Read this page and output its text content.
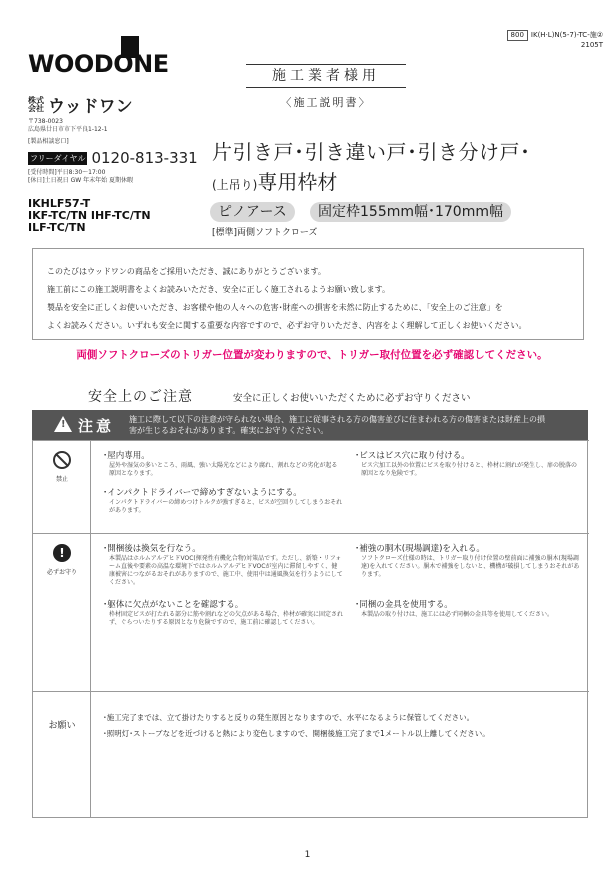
800 IK(H·L)N(5-7)-TC-施②
2105T
WOODONE
株式会社 ウッドワン
〒738-0023
広島県廿日市市下平良1-12-1
[製品相談窓口]
フリーダイヤル 0120-813-331
[受付時間]平日8:30～17:00
[休日]土日祝日 GW 年末年始 夏期休暇
IKHLF57-T
IKF-TC/TN IHF-TC/TN
ILF-TC/TN
施工業者様用
〈施工説明書〉
片引き戸･引き違い戸･引き分け戸･
(上吊り)専用枠材
ピノアース	固定枠155mm幅･170mm幅
[標準]両側ソフトクローズ
このたびはウッドワンの商品をご採用いただき、誠にありがとうございます。
施工前にこの施工説明書をよくお読みいただき、安全に正しく施工されるようお願い致します。
製品を安全に正しくお使いいただき、お客様や他の人々への危害･財産への損害を未然に防止するために、「安全上のご注意」を
よくお読みください。いずれも安全に関する重要な内容ですので、必ずお守りいただき、内容をよく理解して正しくお使いください。
両側ソフトクローズのトリガー位置が変わりますので、トリガー取付位置を必ず確認してください。
安全上のご注意	安全に正しくお使いいただくために必ずお守りください
! 注意 施工に際して以下の注意が守られない場合、施工に従事される方の傷害並びに住まわれる方の傷害または財産上の損害が生じるおそれがあります。確実にお守りください。
禁止
･屋内専用。
屋外や湿気の多いところ、雨風、強い太陽光などにより腐れ、割れなどの劣化が起る原因となります。
･インパクトドライバーで締めすぎないようにする。
インパクトドライバーの締めつけトルクが強すぎると、ビスが空回りしてしまうおそれがあります。
･ビスはビス穴に取り付ける。
ビス穴加工以外の位置にビスを取り付けると、枠材に割れが発生し、扉の脱落の原因となり危険です。
!
必ずお守り
･開梱後は換気を行なう。
本製品はホルムアルデヒドVOC(揮発性有機化合物)対策品です。ただし、新築・リフォーム直後や要素の高温な環境下ではホルムアルデヒドVOCが室内に滞留しやすく、健康被害につながるおそれがありますので、施工中、使用中は通風換気を行うようにしてください。
･躯体に欠点がないことを確認する。
枠材固定ビスが打たれる部分に筋や割れなどの欠点がある場合、枠材が確実に固定されず、ぐらついたりする原因となり危険ですので、施工前に確認してください。
･補強の胴木(現場調達)を入れる。
ソフトクローズ仕様の時は、トリガー取り付け位置の壁前面に補強の胴木(現場調達)を入れてください。胴木で補強をしないと、機構が破損してしまうおそれがあります。
･同梱の金具を使用する。
本製品の取り付けは、施工には必ず同梱の金具等を使用してください。
お願い
･施工完了までは、立て掛けたりすると反りの発生原因となりますので、水平になるように保管してください。
･照明灯･ストーブなどを近づけると熱により変色しますので、開梱後施工完了まで1メートル以上離してください。
1
